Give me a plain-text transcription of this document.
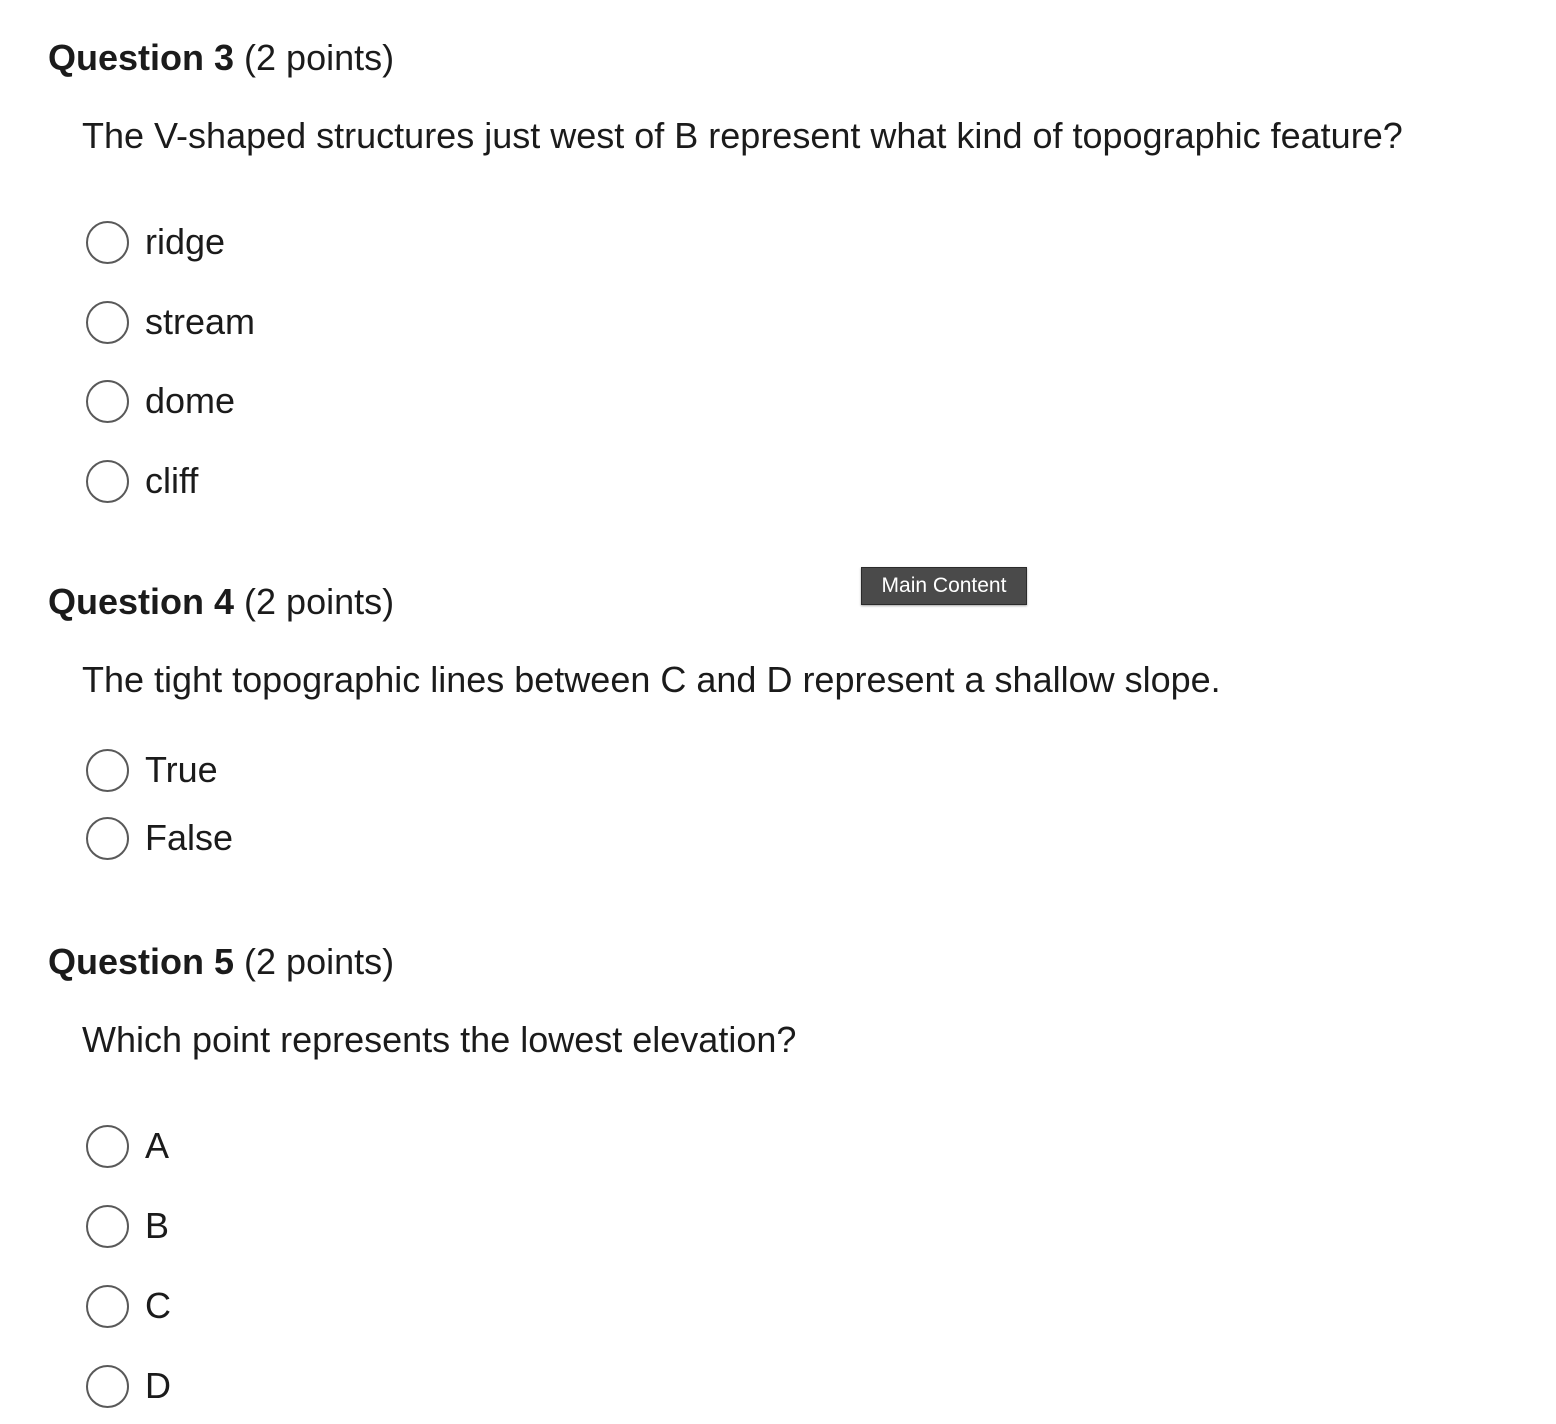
Question 3 (2 points)

The V-shaped structures just west of B represent what kind of topographic feature?

ridge
stream
dome
cliff
Question 4 (2 points)

The tight topographic lines between C and D represent a shallow slope.

True
False
Question 5 (2 points)

Which point represents the lowest elevation?

A
B
C
D
Main Content
